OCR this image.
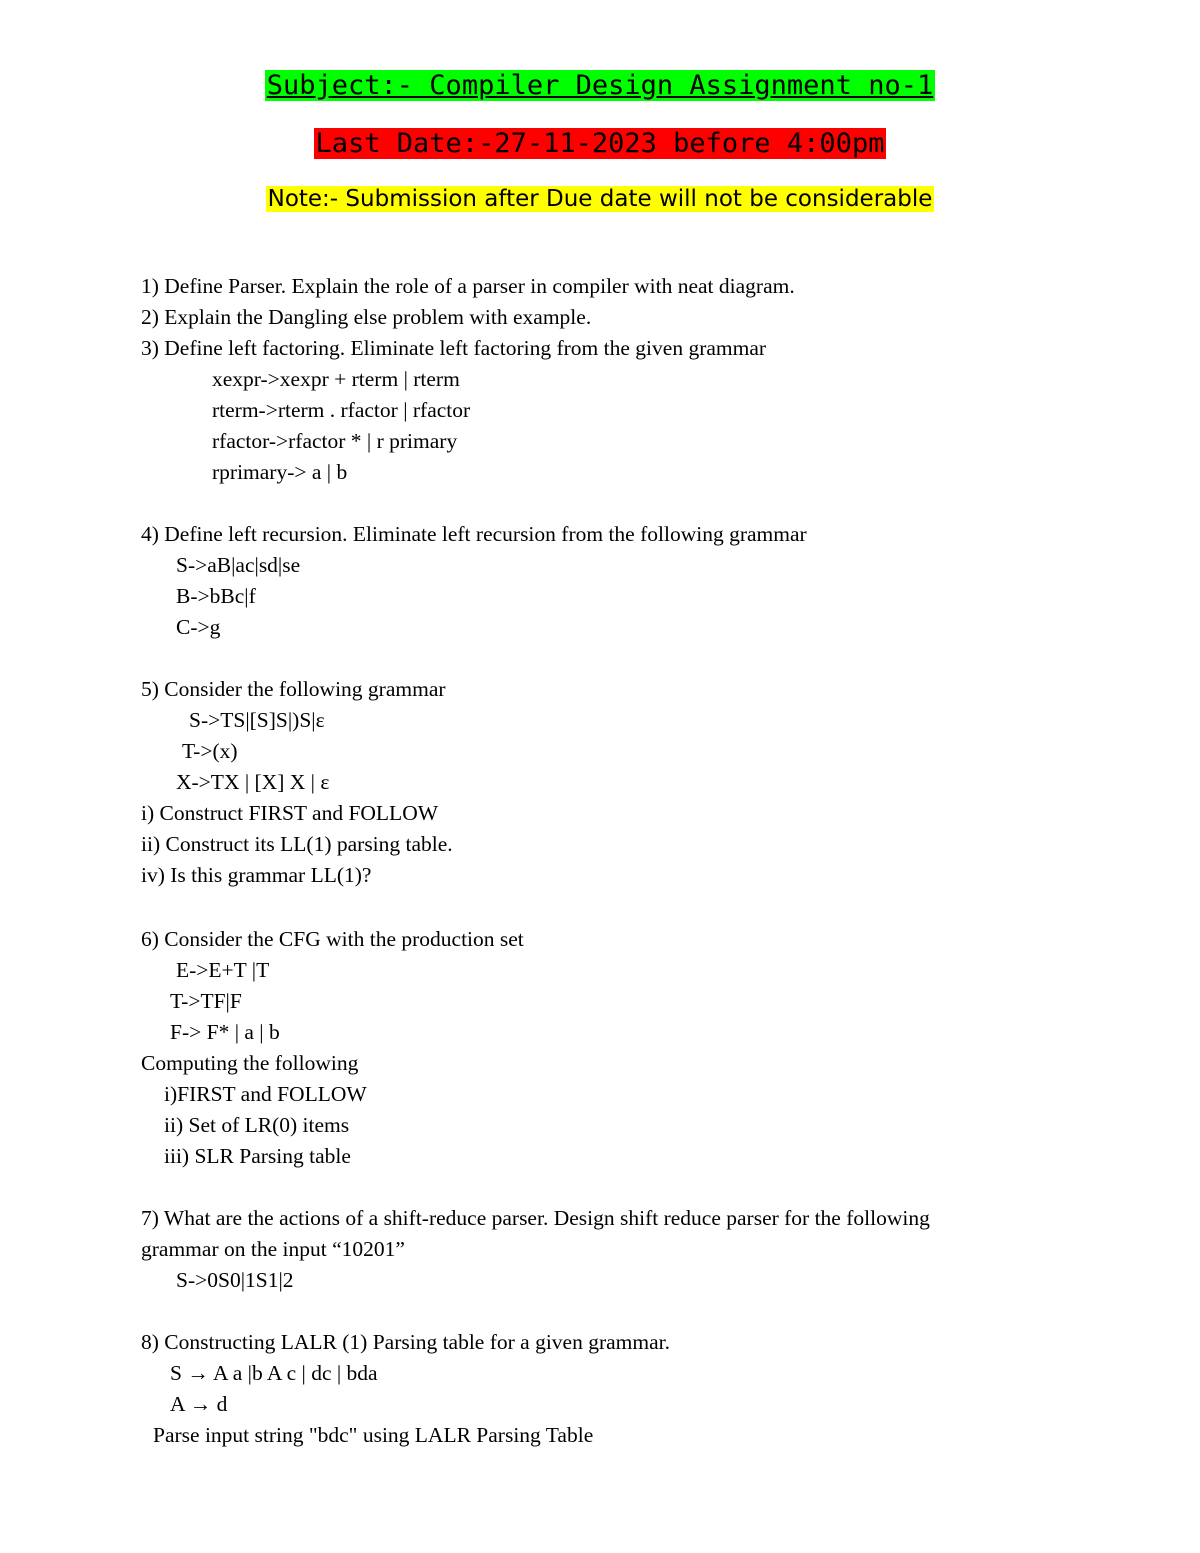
Subject:- Compiler Design Assignment no-1
Last Date:-27-11-2023 before 4:00pm
Note:- Submission after Due date will not be considerable
1) Define Parser. Explain the role of a parser in compiler with neat diagram.
2) Explain the Dangling else problem with example.
3) Define left factoring. Eliminate left factoring from the given grammar
xexpr->xexpr + rterm | rterm
rterm->rterm . rfactor | rfactor
rfactor->rfactor * | r primary
rprimary-> a | b
4) Define left recursion. Eliminate left recursion from the following grammar
S->aB|ac|sd|se
B->bBc|f
C->g
5) Consider the following grammar
S->TS|[S]S|)S|ε
T->(x)
X->TX | [X] X | ε
i) Construct FIRST and FOLLOW
ii) Construct its LL(1) parsing table.
iv) Is this grammar LL(1)?
6) Consider the CFG with the production set
E->E+T |T
T->TF|F
F-> F* | a | b
Computing the following
i)FIRST and FOLLOW
ii) Set of LR(0) items
iii) SLR Parsing table
7) What are the actions of a shift-reduce parser. Design shift reduce parser for the following
grammar on the input “10201”
S->0S0|1S1|2
8) Constructing LALR (1) Parsing table for a given grammar.
S → A a |b A c | dc | bda
A → d
Parse input string "bdc" using LALR Parsing Table
